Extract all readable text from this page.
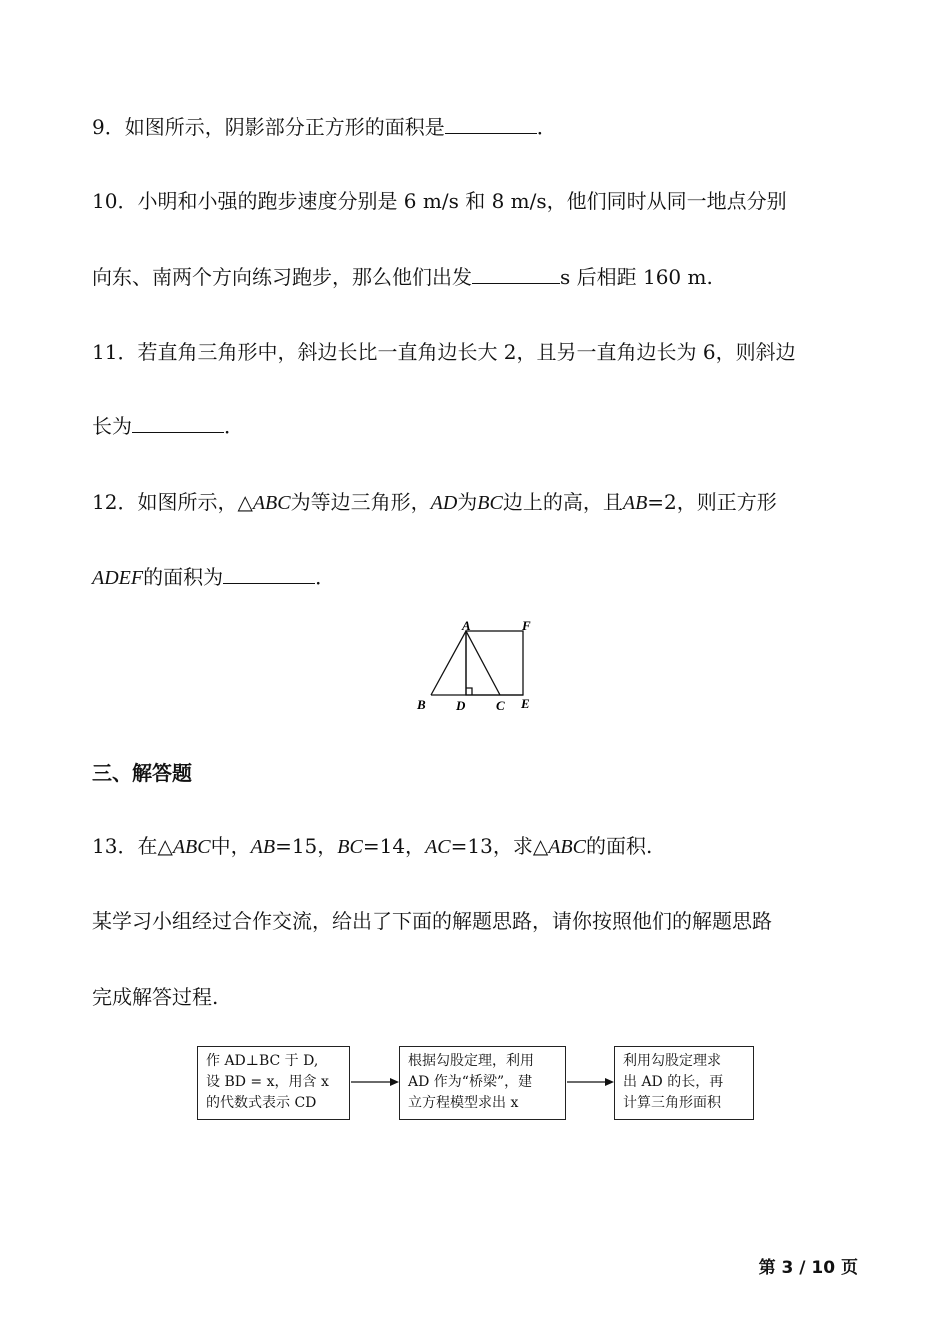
9．如图所示，阴影部分正方形的面积是	．
10．小明和小强的跑步速度分别是 6 m/s 和 8 m/s，他们同时从同一地点分别
向东、南两个方向练习跑步，那么他们出发	s 后相距 160 m.
11．若直角三角形中，斜边长比一直角边长大 2，且另一直角边长为 6，则斜边
长为	．
12．如图所示，△ABC为等边三角形，AD为BC边上的高，且AB=2，则正方形
ADEF的面积为	．
A	F
B D C E
三、解答题
13．在△ABC中，AB=15，BC=14，AC=13，求△ABC的面积.
某学习小组经过合作交流，给出了下面的解题思路，请你按照他们的解题思路
完成解答过程.
作 AD⊥BC 于 D,
设 BD = x，用含 x
的代数式表示 CD
根据勾股定理，利用
AD 作为“桥梁”，建
立方程模型求出 x
利用勾股定理求
出 AD 的长，再
计算三角形面积
第 3 / 10 页
